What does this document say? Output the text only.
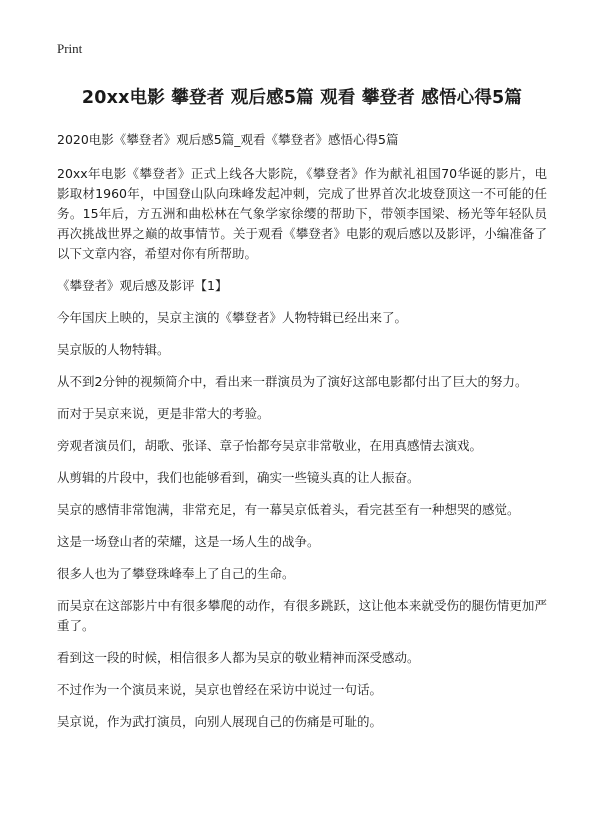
Print
20xx电影 攀登者 观后感5篇 观看 攀登者 感悟心得5篇

2020电影《攀登者》观后感5篇_观看《攀登者》感悟心得5篇

20xx年电影《攀登者》正式上线各大影院，《攀登者》作为献礼祖国70华诞的影片，电影取材1960年，中国登山队向珠峰发起冲刺，完成了世界首次北坡登顶这一不可能的任务。15年后，方五洲和曲松林在气象学家徐缨的帮助下，带领李国梁、杨光等年轻队员再次挑战世界之巅的故事情节。关于观看《攀登者》电影的观后感以及影评，小编准备了以下文章内容，希望对你有所帮助。

《攀登者》观后感及影评【1】

今年国庆上映的，吴京主演的《攀登者》人物特辑已经出来了。

吴京版的人物特辑。

从不到2分钟的视频简介中，看出来一群演员为了演好这部电影都付出了巨大的努力。

而对于吴京来说，更是非常大的考验。

旁观者演员们，胡歌、张译、章子怡都夸吴京非常敬业，在用真感情去演戏。

从剪辑的片段中，我们也能够看到，确实一些镜头真的让人振奋。

吴京的感情非常饱满，非常充足，有一幕吴京低着头，看完甚至有一种想哭的感觉。

这是一场登山者的荣耀，这是一场人生的战争。

很多人也为了攀登珠峰奉上了自己的生命。

而吴京在这部影片中有很多攀爬的动作，有很多跳跃，这让他本来就受伤的腿伤情更加严重了。

看到这一段的时候，相信很多人都为吴京的敬业精神而深受感动。

不过作为一个演员来说，吴京也曾经在采访中说过一句话。

吴京说，作为武打演员，向别人展现自己的伤痛是可耻的。
